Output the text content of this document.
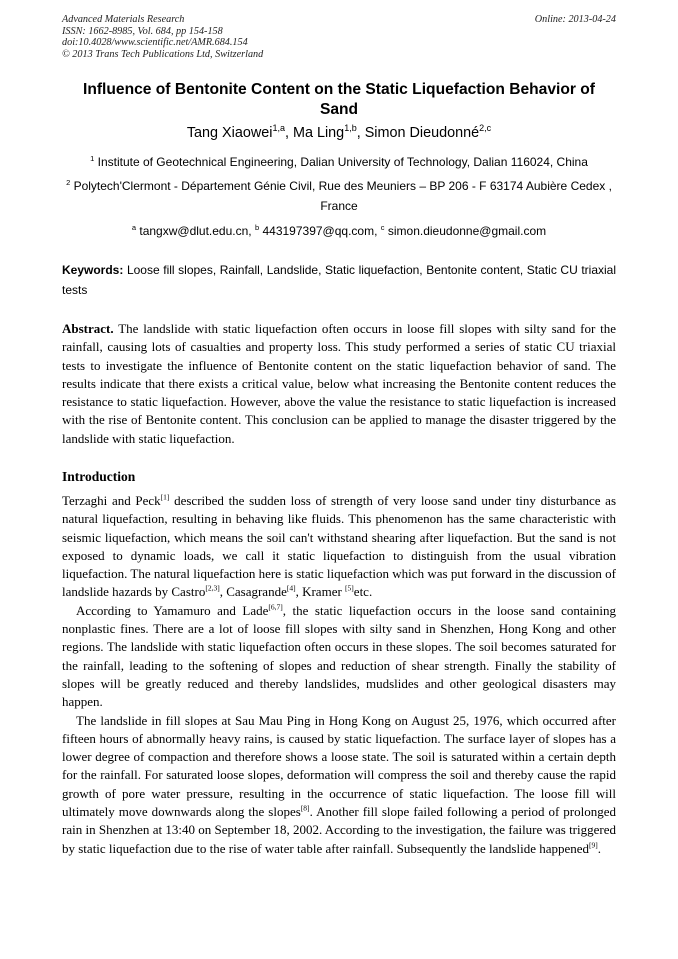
Advanced Materials Research
ISSN: 1662-8985, Vol. 684, pp 154-158
doi:10.4028/www.scientific.net/AMR.684.154
© 2013 Trans Tech Publications Ltd, Switzerland
Online: 2013-04-24
Influence of Bentonite Content on the Static Liquefaction Behavior of Sand
Tang Xiaowei$^{1,a}$, Ma Ling$^{1,b}$, Simon Dieudonné$^{2,c}$
$^1$ Institute of Geotechnical Engineering, Dalian University of Technology, Dalian 116024, China
$^2$ Polytech'Clermont - Département Génie Civil, Rue des Meuniers – BP 206 - F 63174 Aubière Cedex , France
$^a$ tangxw@dlut.edu.cn, $^b$ 443197397@qq.com, $^c$ simon.dieudonne@gmail.com
Keywords: Loose fill slopes, Rainfall, Landslide, Static liquefaction, Bentonite content, Static CU triaxial tests
Abstract. The landslide with static liquefaction often occurs in loose fill slopes with silty sand for the rainfall, causing lots of casualties and property loss. This study performed a series of static CU triaxial tests to investigate the influence of Bentonite content on the static liquefaction behavior of sand. The results indicate that there exists a critical value, below what increasing the Bentonite content reduces the resistance to static liquefaction. However, above the value the resistance to static liquefaction is increased with the rise of Bentonite content. This conclusion can be applied to manage the disaster triggered by the landslide with static liquefaction.
Introduction

Terzaghi and Peck[1] described the sudden loss of strength of very loose sand under tiny disturbance as natural liquefaction, resulting in behaving like fluids. This phenomenon has the same characteristic with seismic liquefaction, which means the soil can't withstand shearing after liquefaction. But the sand is not exposed to dynamic loads, we call it static liquefaction to distinguish from the usual vibration liquefaction. The natural liquefaction here is static liquefaction which was put forward in the discussion of landslide hazards by Castro[2,3], Casagrande[4], Kramer [5]etc.

According to Yamamuro and Lade[6,7], the static liquefaction occurs in the loose sand containing nonplastic fines. There are a lot of loose fill slopes with silty sand in Shenzhen, Hong Kong and other regions. The landslide with static liquefaction often occurs in these slopes. The soil becomes saturated for the rainfall, leading to the softening of slopes and reduction of shear strength. Finally the stability of slopes will be greatly reduced and thereby landslides, mudslides and other geological disasters may happen.

The landslide in fill slopes at Sau Mau Ping in Hong Kong on August 25, 1976, which occurred after fifteen hours of abnormally heavy rains, is caused by static liquefaction. The surface layer of slopes has a lower degree of compaction and therefore shows a loose state. The soil is saturated within a certain depth for the rainfall. For saturated loose slopes, deformation will compress the soil and thereby cause the rapid growth of pore water pressure, resulting in the occurrence of static liquefaction. The loose fill will ultimately move downwards along the slopes[8]. Another fill slope failed following a period of prolonged rain in Shenzhen at 13:40 on September 18, 2002. According to the investigation, the failure was triggered by static liquefaction due to the rise of water table after rainfall. Subsequently the landslide happened[9].
